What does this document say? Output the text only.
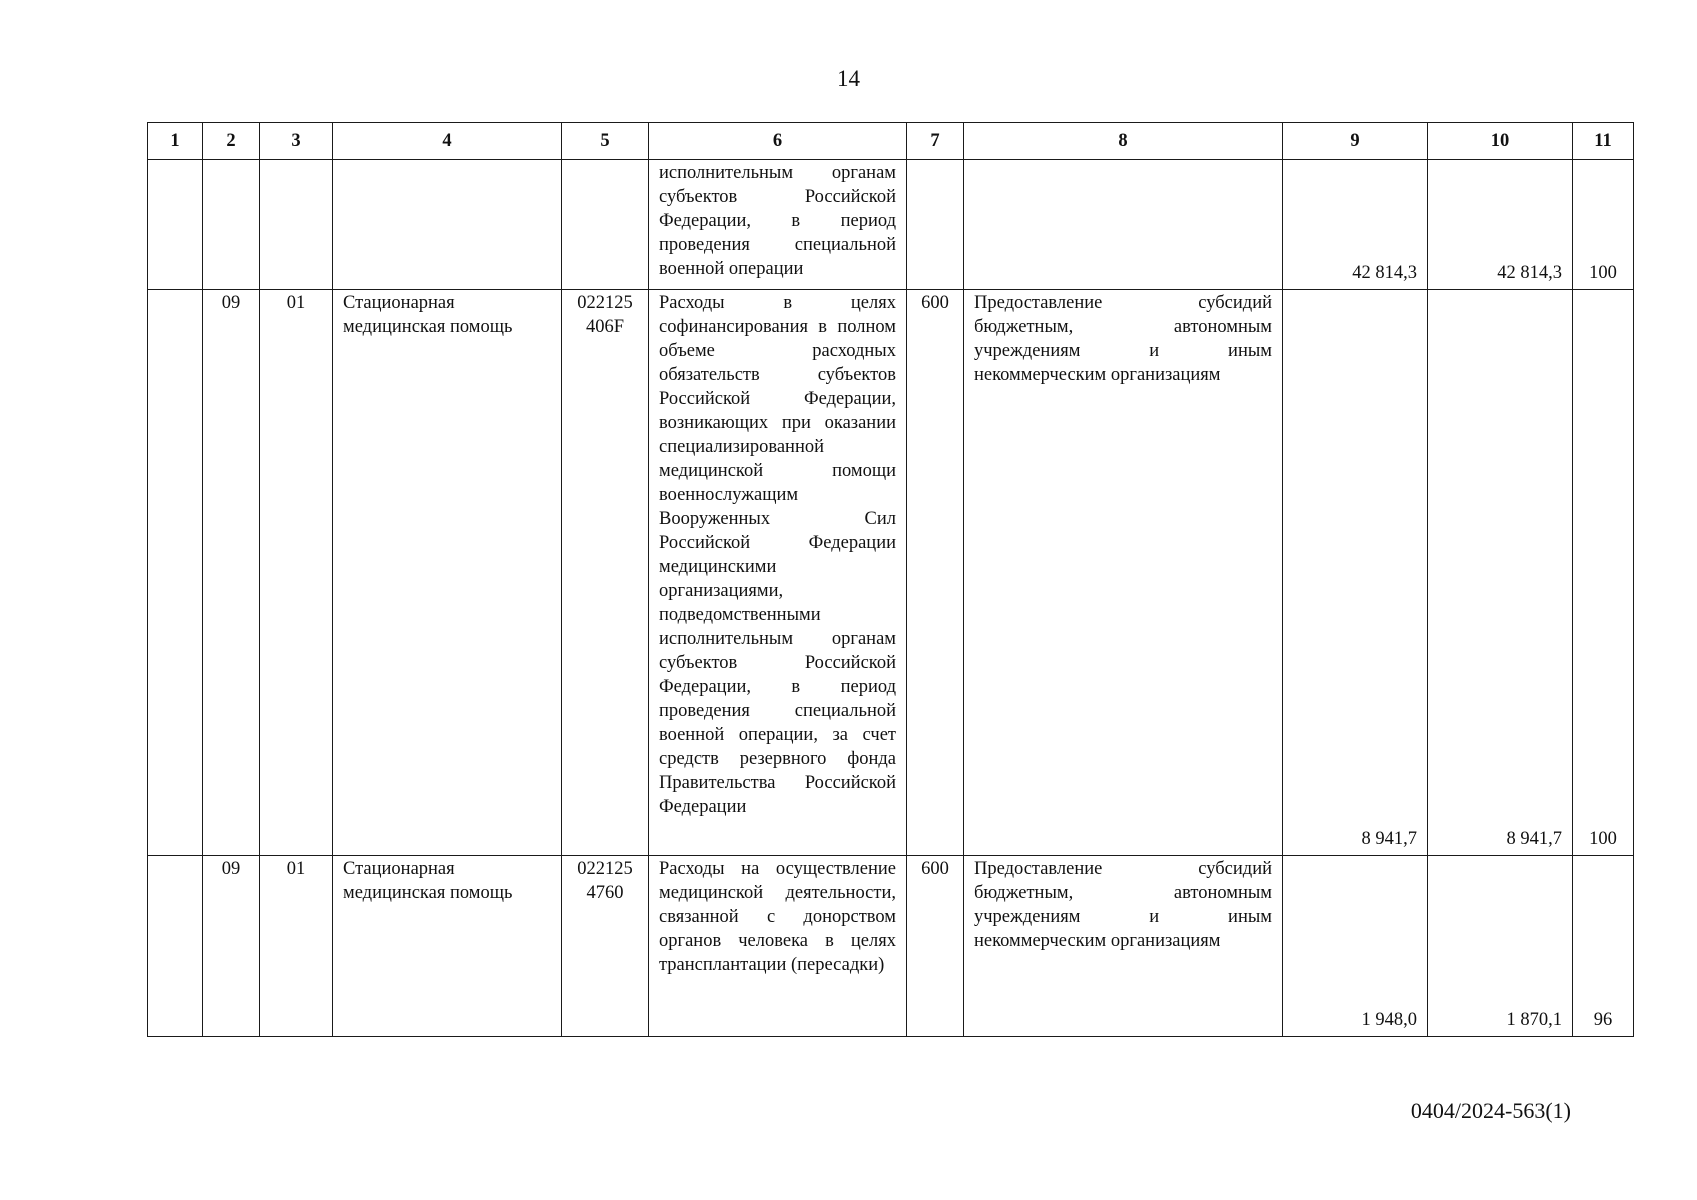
14
1	2	3	4	5	6	7	8	9	10	11
					исполнительным органам субъектов Российской Федерации, в период проведения специальной военной операции			42 814,3	42 814,3	100
	09	01	Стационарная медицинская помощь	022125 406F	Расходы в целях софинансирования в полном объеме расходных обязательств субъектов Российской Федерации, возникающих при оказании специализированной медицинской помощи военнослужащим Вооруженных Сил Российской Федерации медицинскими организациями, подведомственными исполнительным органам субъектов Российской Федерации, в период проведения специальной военной операции, за счет средств резервного фонда Правительства Российской Федерации	600	Предоставление субсидий бюджетным, автономным учреждениям и иным некоммерческим организациям	8 941,7	8 941,7	100
	09	01	Стационарная медицинская помощь	022125 4760	Расходы на осуществление медицинской деятельности, связанной с донорством органов человека в целях трансплантации (пересадки)	600	Предоставление субсидий бюджетным, автономным учреждениям и иным некоммерческим организациям	1 948,0	1 870,1	96
0404/2024-563(1)
